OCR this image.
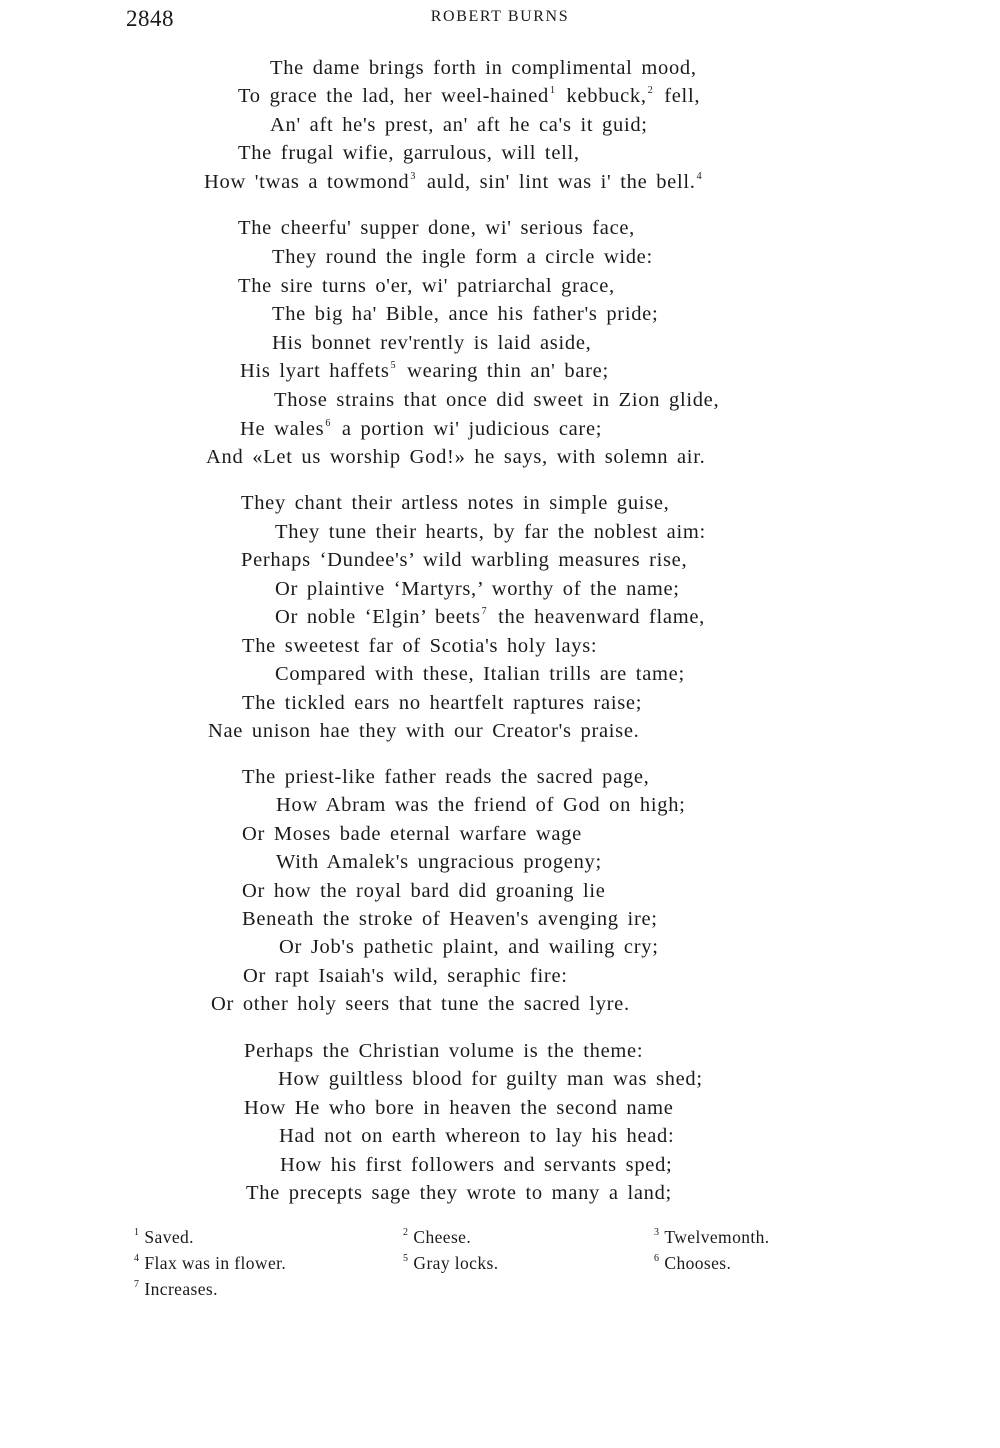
2848	ROBERT BURNS
The dame brings forth in complimental mood,
To grace the lad, her weel-hained$^1$ kebbuck,$^2$ fell,
An' aft he's prest, an' aft he ca's it guid;
The frugal wifie, garrulous, will tell,
How 'twas a towmond$^3$ auld, sin' lint was i' the bell.$^4$
The cheerfu' supper done, wi' serious face,
They round the ingle form a circle wide:
The sire turns o'er, wi' patriarchal grace,
The big ha' Bible, ance his father's pride;
His bonnet rev'rently is laid aside,
His lyart haffets$^5$ wearing thin an' bare;
Those strains that once did sweet in Zion glide,
He wales$^6$ a portion wi' judicious care;
And «Let us worship God!» he says, with solemn air.
They chant their artless notes in simple guise,
They tune their hearts, by far the noblest aim:
Perhaps ‘Dundee's’ wild warbling measures rise,
Or plaintive ‘Martyrs,’ worthy of the name;
Or noble ‘Elgin’ beets$^7$ the heavenward flame,
The sweetest far of Scotia's holy lays:
Compared with these, Italian trills are tame;
The tickled ears no heartfelt raptures raise;
Nae unison hae they with our Creator's praise.
The priest-like father reads the sacred page,
How Abram was the friend of God on high;
Or Moses bade eternal warfare wage
With Amalek's ungracious progeny;
Or how the royal bard did groaning lie
Beneath the stroke of Heaven's avenging ire;
Or Job's pathetic plaint, and wailing cry;
Or rapt Isaiah's wild, seraphic fire:
Or other holy seers that tune the sacred lyre.
Perhaps the Christian volume is the theme:
How guiltless blood for guilty man was shed;
How He who bore in heaven the second name
Had not on earth whereon to lay his head:
How his first followers and servants sped;
The precepts sage they wrote to many a land;
$^1$ Saved.	$^2$ Cheese.	$^3$ Twelvemonth.
$^4$ Flax was in flower.	$^5$ Gray locks.	$^6$ Chooses.
$^7$ Increases.
